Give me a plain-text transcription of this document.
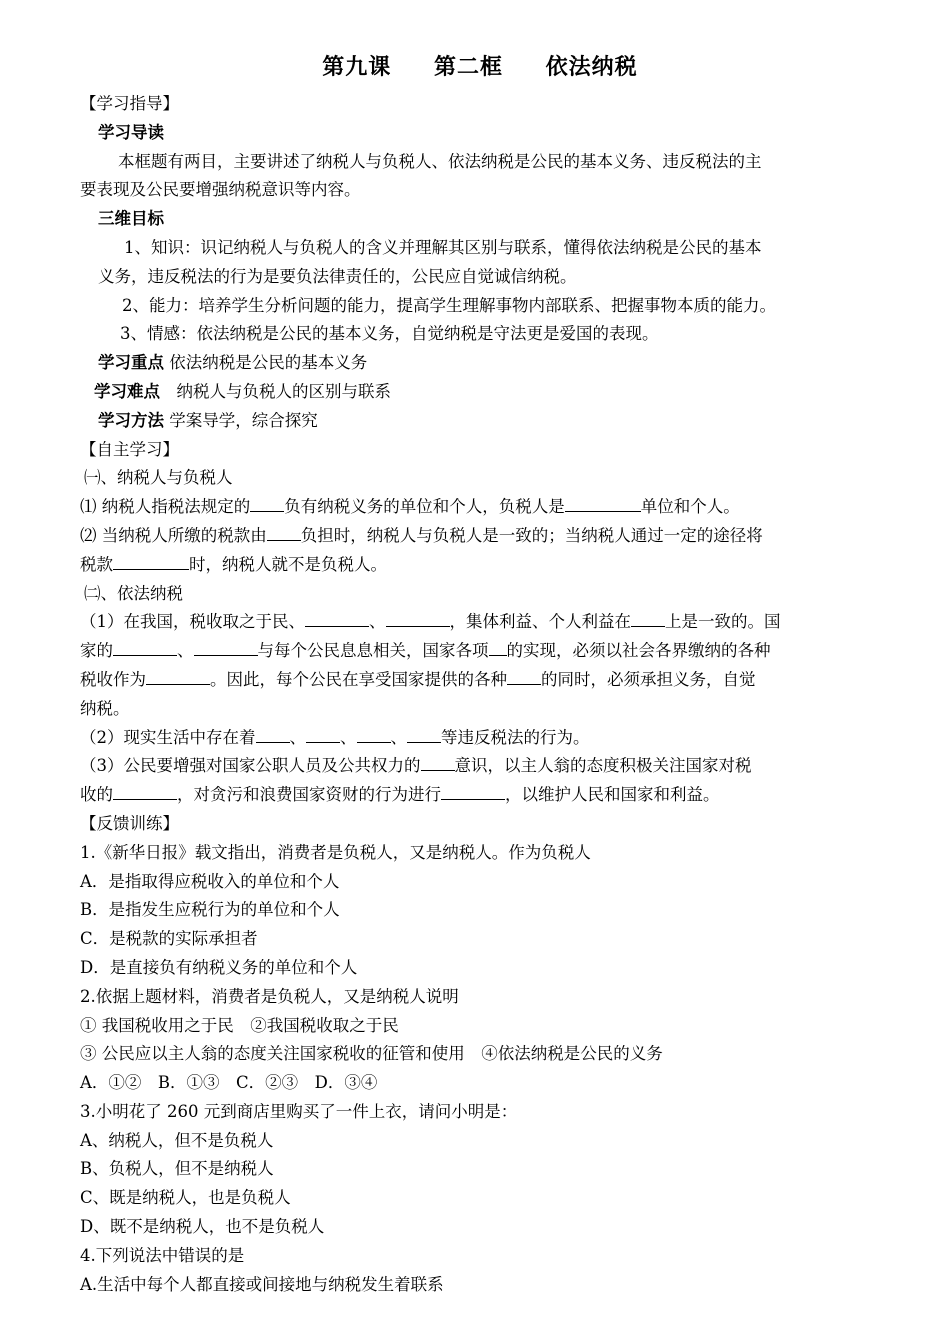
第九课 第二框 依法纳税
【学习指导】
学习导读
本框题有两目，主要讲述了纳税人与负税人、依法纳税是公民的基本义务、违反税法的主
要表现及公民要增强纳税意识等内容。
三维目标
1、知识：识记纳税人与负税人的含义并理解其区别与联系，懂得依法纳税是公民的基本
义务，违反税法的行为是要负法律责任的，公民应自觉诚信纳税。
2、能力：培养学生分析问题的能力，提高学生理解事物内部联系、把握事物本质的能力。
3、情感：依法纳税是公民的基本义务，自觉纳税是守法更是爱国的表现。
学习重点 依法纳税是公民的基本义务
学习难点 纳税人与负税人的区别与联系
学习方法 学案导学，综合探究
【自主学习】
㈠、纳税人与负税人
⑴ 纳税人指税法规定的 负有纳税义务的单位和个人，负税人是	单位和个人。
⑵ 当纳税人所缴的税款由 负担时，纳税人与负税人是一致的；当纳税人通过一定的途径将
税款	时，纳税人就不是负税人。
㈡、依法纳税
（1）在我国，税收取之于民、	、	，集体利益、个人利益在 上是一致的。国
家的	、	与每个公民息息相关，国家各项 的实现，必须以社会各界缴纳的各种
税收作为	。因此，每个公民在享受国家提供的各种 的同时，必须承担义务，自觉
纳税。
（2）现实生活中存在着 、 、 、 等违反税法的行为。
（3）公民要增强对国家公职人员及公共权力的 意识，以主人翁的态度积极关注国家对税
收的	，对贪污和浪费国家资财的行为进行	，以维护人民和国家和利益。
【反馈训练】
1.《新华日报》载文指出，消费者是负税人，又是纳税人。作为负税人
A．是指取得应税收入的单位和个人
B．是指发生应税行为的单位和个人
C．是税款的实际承担者
D．是直接负有纳税义务的单位和个人
2.依据上题材料，消费者是负税人，又是纳税人说明
① 我国税收用之于民　②我国税收取之于民
③ 公民应以主人翁的态度关注国家税收的征管和使用　④依法纳税是公民的义务
A．①②　B．①③　C．②③　D．③④
3.小明花了 260 元到商店里购买了一件上衣，请问小明是：
A、纳税人，但不是负税人
B、负税人，但不是纳税人
C、既是纳税人，也是负税人
D、既不是纳税人，也不是负税人
4.下列说法中错误的是
A.生活中每个人都直接或间接地与纳税发生着联系
